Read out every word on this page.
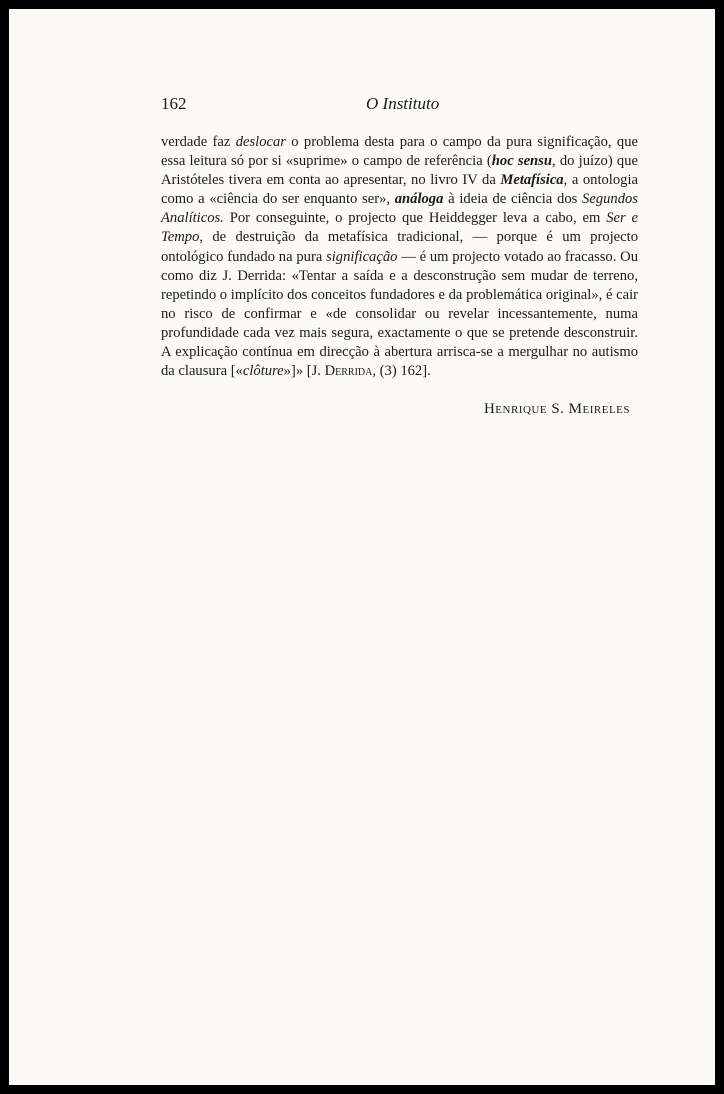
162	O Instituto

verdade faz deslocar o problema desta para o campo da pura significação, que essa leitura só por si «suprime» o campo de referência (hoc sensu, do juízo) que Aristóteles tivera em conta ao apresentar, no livro IV da Metafísica, a ontologia como a «ciência do ser enquanto ser», análoga à ideia de ciência dos Segundos Analíticos. Por conseguinte, o projecto que Heiddegger leva a cabo, em Ser e Tempo, de destruição da metafísica tradicional, — porque é um projecto ontológico fundado na pura significação — é um projecto votado ao fracasso. Ou como diz J. Derrida: «Tentar a saída e a desconstrução sem mudar de terreno, repetindo o implícito dos conceitos fundadores e da problemática original», é cair no risco de confirmar e «de consolidar ou revelar incessantemente, numa profundidade cada vez mais segura, exactamente o que se pretende desconstruir. A explicação contínua em direcção à abertura arrisca-se a mergulhar no autismo da clausura [«clôture»]» [J. Derrida, (3) 162].

Henrique S. Meireles
